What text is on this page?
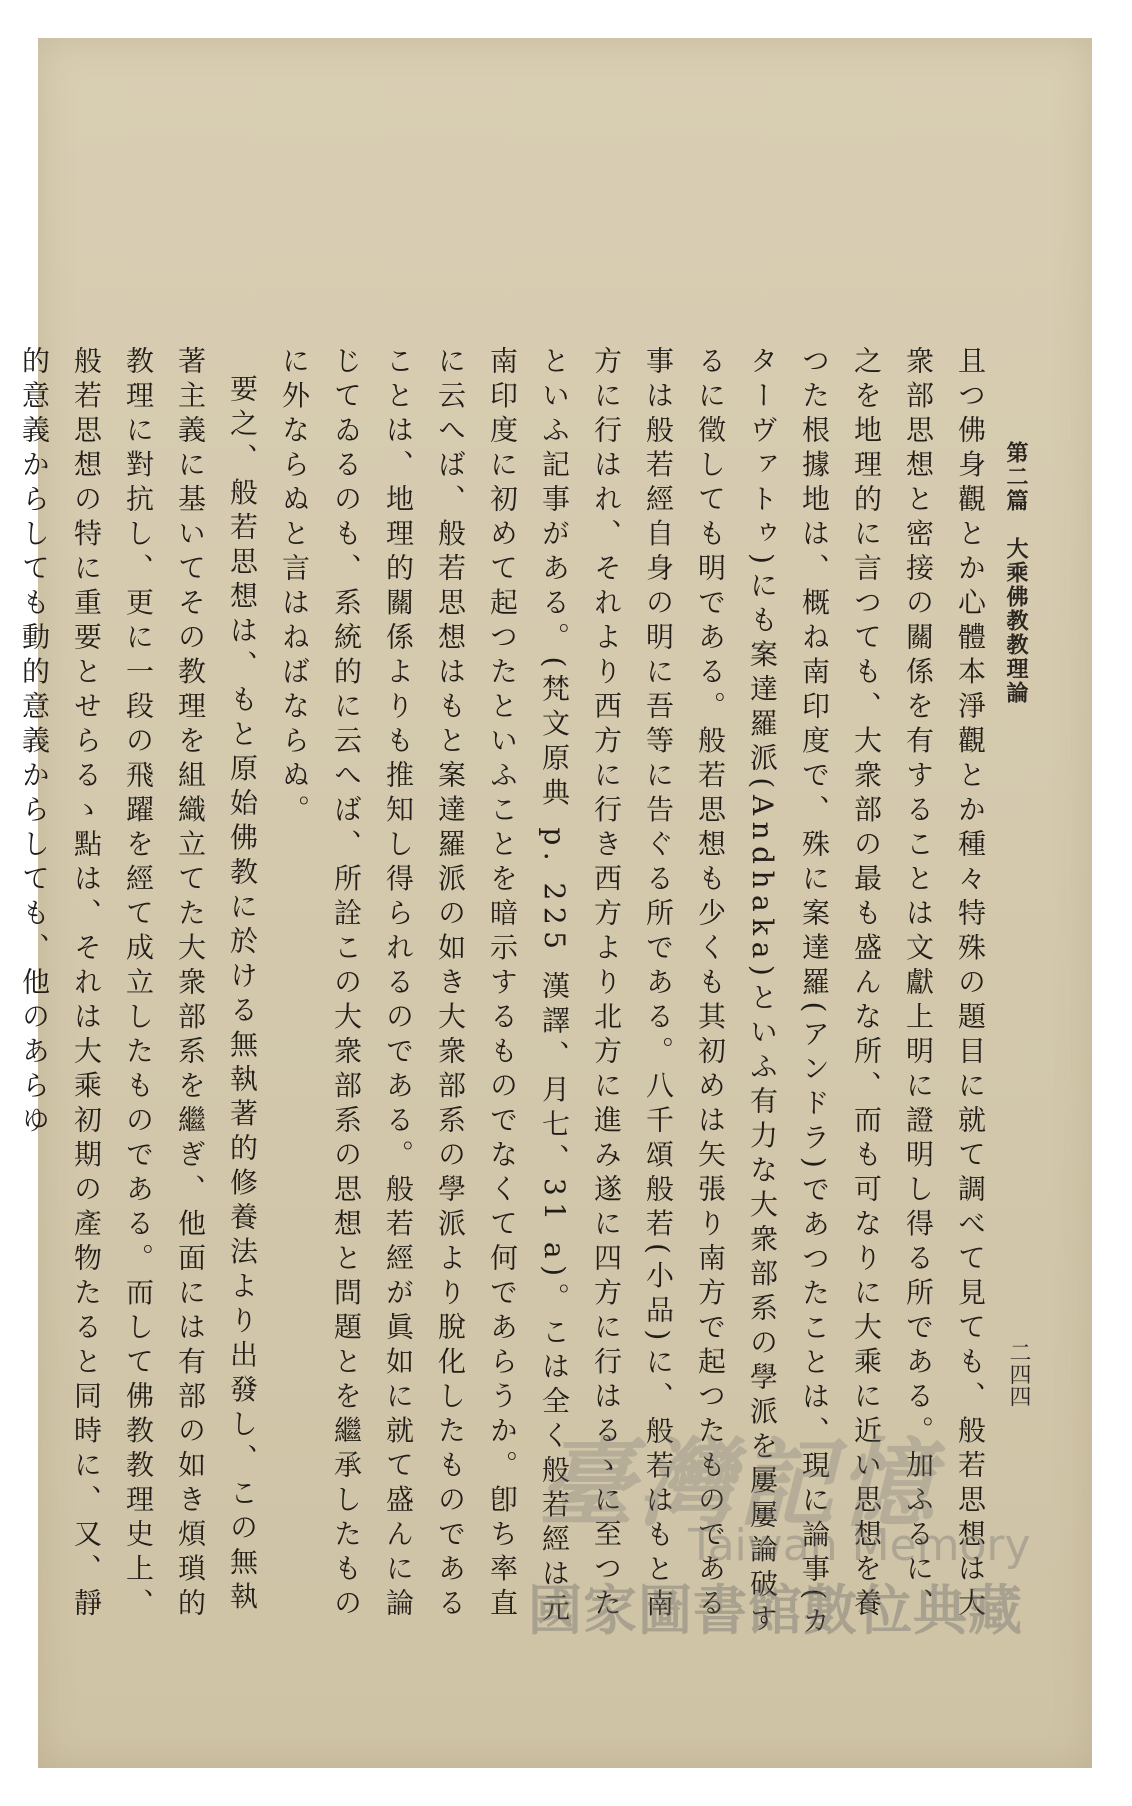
第二篇　大乘佛教教理論
二四四

且つ佛身觀とか心體本淨觀とか種々特殊の題目に就て調べて見ても、般若思想は大衆部思想と密接の關係を有することは文獻上明に證明し得る所である。加ふるに、之を地理的に言つても、大衆部の最も盛んな所、而も可なりに大乘に近い思想を養つた根據地は、概ね南印度で、殊に案達羅(アンドラ)であつたことは、現に論事(カターヴァトゥ)にも案達羅派(Andhaka)といふ有力な大衆部系の學派を屢屢論破するに徵しても明である。般若思想も少くも其初めは矢張り南方で起つたものである事は般若經自身の明に吾等に告ぐる所である。八千頌般若(小品)に、般若はもと南方に行はれ、それより西方に行き西方より北方に進み遂に四方に行はるゝに至つたといふ記事がある。(梵文原典 p. 225 漢譯、月七、31 a)。こは全く般若經は元南印度に初めて起つたといふことを暗示するものでなくて何であらうか。卽ち率直に云へば、般若思想はもと案達羅派の如き大衆部系の學派より脫化したものであることは、地理的關係よりも推知し得られるのである。般若經が眞如に就て盛んに論じてゐるのも、系統的に云へば、所詮この大衆部系の思想と問題とを繼承したものに外ならぬと言はねばならぬ。

要之、般若思想は、もと原始佛教に於ける無執著的修養法より出發し、この無執著主義に基いてその教理を組織立てた大衆部系を繼ぎ、他面には有部の如き煩瑣的教理に對抗し、更に一段の飛躍を經て成立したものである。而して佛教教理史上、般若思想の特に重要とせらるゝ點は、それは大乘初期の產物たると同時に、又、靜的意義からしても動的意義からしても、他のあらゆ

臺灣記憶
Taiwan Memory
國家圖書館數位典藏
